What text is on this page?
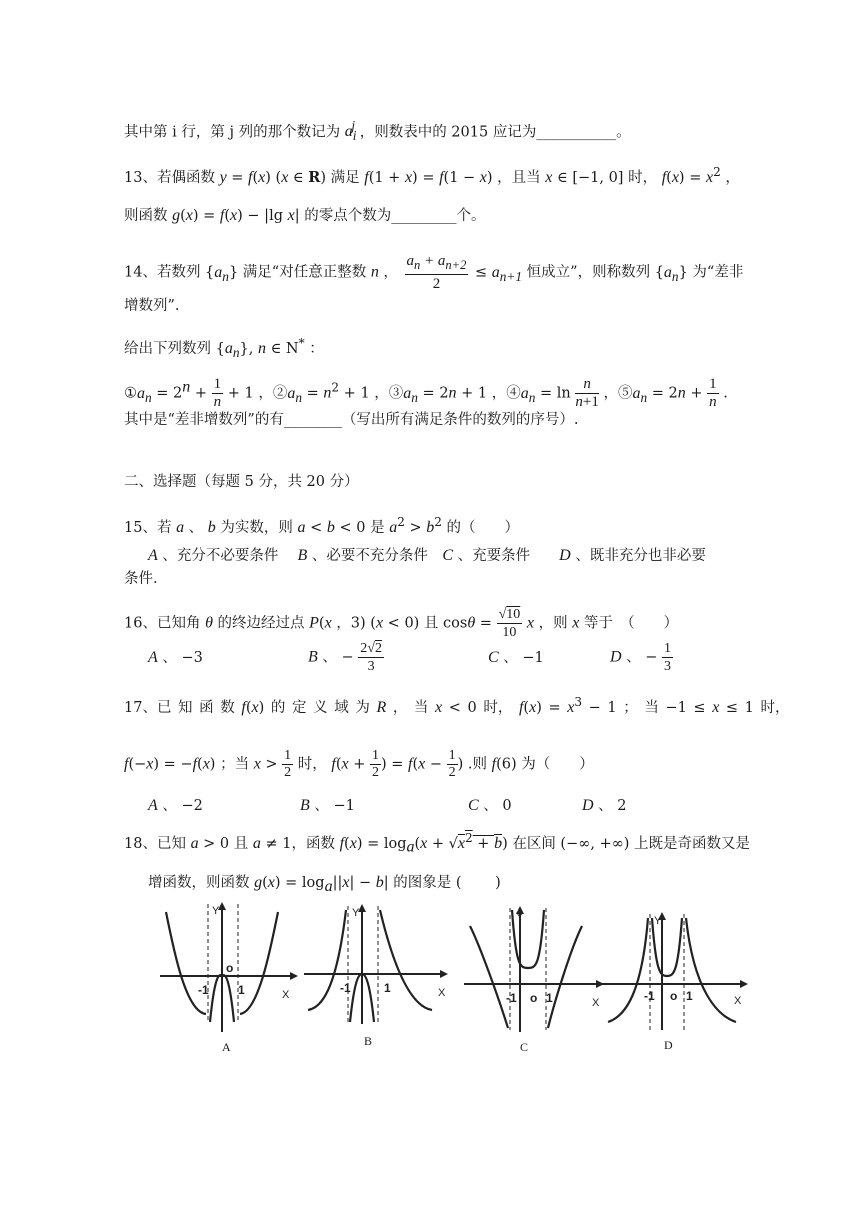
其中第 i 行，第 j 列的那个数记为 $a_i^j$ ，则数表中的 2015 应记为___________。
13、若偶函数 y = f(x) (x ∈ R) 满足 f(1 + x) = f(1 − x) ，且当 x ∈ [−1, 0] 时， $f(x) = x^2$ ，
则函数 g(x) = f(x) − |lg x| 的零点个数为_________个。
14、若数列 $\{a_n\}$ 满足“对任意正整数 n ， $\frac{a_n + a_{n+2}}{2} \le a_{n+1}$ 恒成立”，则称数列 $\{a_n\}$ 为“差非
增数列”.
给出下列数列 $\{a_n\}$, n ∈ N* ：
$①a_n = 2^n + \frac{1}{n} + 1$ ，$②a_n = n^2 + 1$ ，$③a_n = 2n + 1$ ，$④a_n = \ln \frac{n}{n+1}$ ，$⑤a_n = 2n + \frac{1}{n}$ .
其中是“差非增数列”的有________（写出所有满足条件的数列的序号）.
二、选择题（每题 5 分，共 20 分）
15、若 a 、 b 为实数，则 a < b < 0 是 $a^2 > b^2$ 的（　　）
A 、充分不必要条件　 B 、必要不充分条件　C 、充要条件　　D 、既非充分也非必要
条件.
16、已知角 θ 的终边经过点 P(x ，3) (x < 0) 且 $\cos\theta = \frac{√10}{10}$ x ，则 x 等于　（　　）
A 、 −3	B 、 − $\frac{2√2}{3}$	C 、 −1	D 、 − $\frac{1}{3}$
17、已 知 函 数 f(x) 的 定 义 域 为 R ， 当 x < 0 时， $f(x) = x^3 - 1$ ； 当 −1 ≤ x ≤ 1 时，
f(−x) = −f(x) ；当 $x > \frac{1}{2}$ 时， $f(x + \frac{1}{2}$ ) = $f(x - \frac{1}{2}$ ) .则 f(6) 为（　　）
A 、 −2	B 、 −1	C 、 0	D 、 2
18、已知 a > 0 且 a ≠ 1，函数 $f(x) = \log_a(x + √x^2 + b)$ 在区间 (−∞, +∞) 上既是奇函数又是
增函数，则函数 $g(x) = \log_a||x| - b|$ 的图象是 (　　 )
-1 1
o
X
Y
A
-1	1	X
Y
B
-1 o 1	X
Y
C
-1 o 1	X
Y
D
